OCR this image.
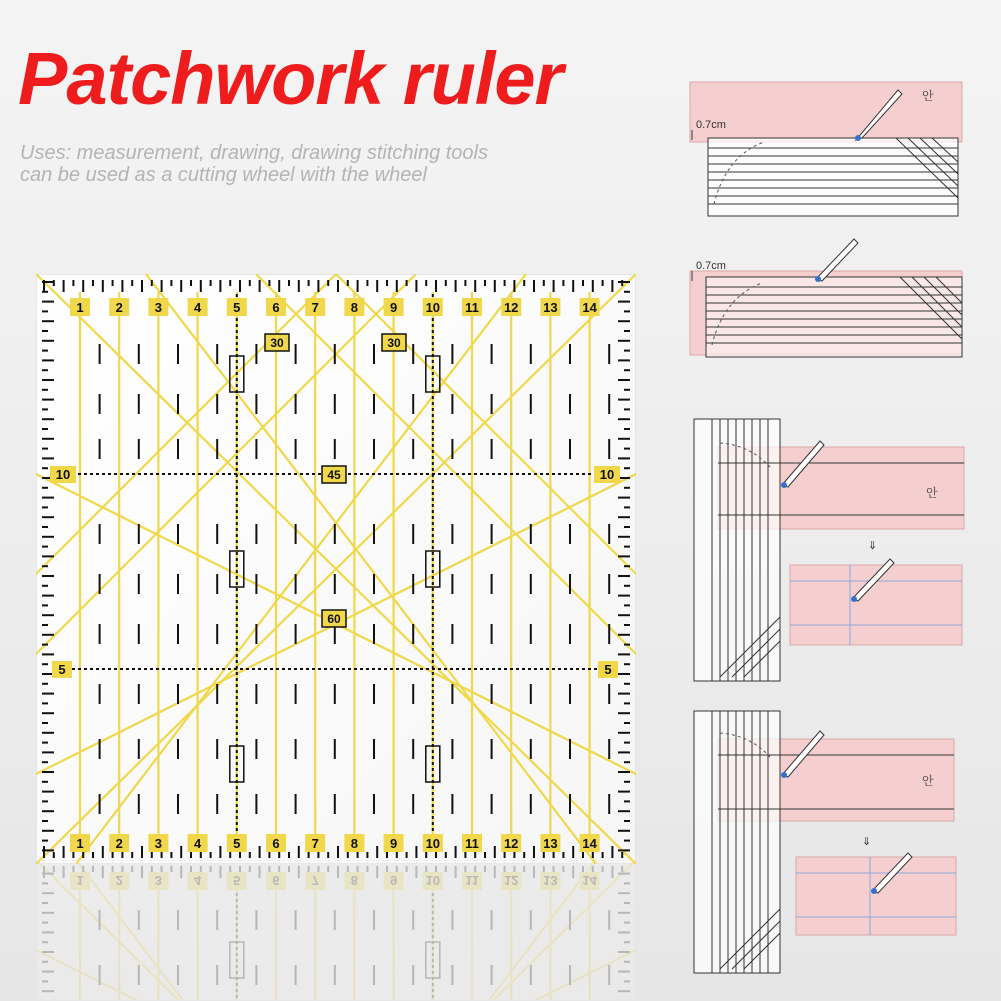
Patchwork ruler
Uses: measurement, drawing, drawing stitching tools
can be used as a cutting wheel with the wheel
1 2 3 4 5 6 7 8 9 10 11 12 13 14
1 2 3 4 5 6 7 8 9 10 11 12 13 14
10	10
5	5
30	30
45
60
1 2 3 4 5 6 7 8 9 10 11 12 13 14
안
0.7cm
0.7cm
안
⇓
안
⇓
